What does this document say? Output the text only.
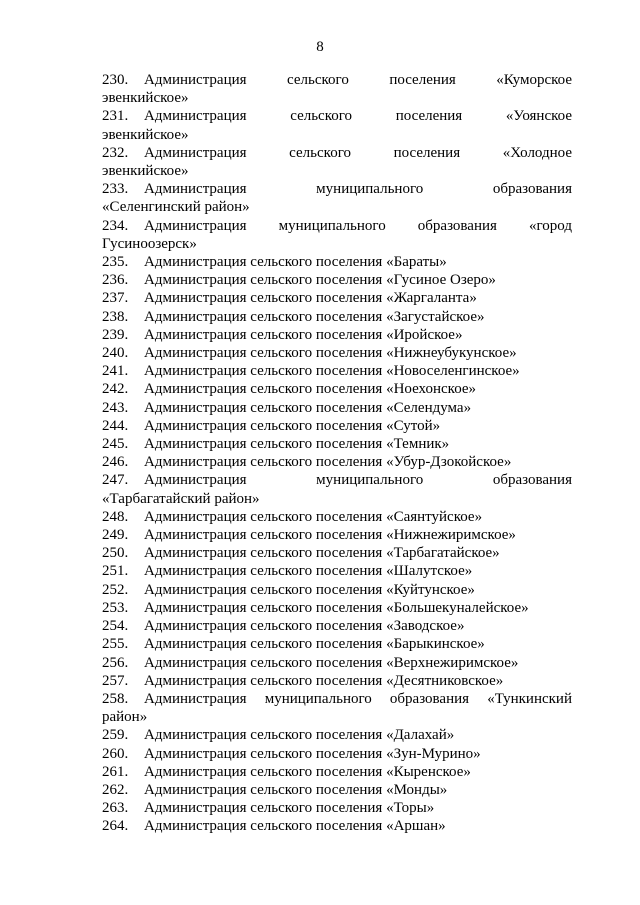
8
230. Администрация сельского поселения «Куморское
эвенкийское»
231. Администрация сельского поселения «Уоянское
эвенкийское»
232. Администрация сельского поселения «Холодное
эвенкийское»
233. Администрация муниципального образования
«Селенгинский район»
234. Администрация муниципального образования «город
Гусиноозерск»
235. Администрация сельского поселения «Бараты»
236. Администрация сельского поселения «Гусиное Озеро»
237. Администрация сельского поселения «Жаргаланта»
238. Администрация сельского поселения «Загустайское»
239. Администрация сельского поселения «Иройское»
240. Администрация сельского поселения «Нижнеубукунское»
241. Администрация сельского поселения «Новоселенгинское»
242. Администрация сельского поселения «Ноехонское»
243. Администрация сельского поселения «Селендума»
244. Администрация сельского поселения «Сутой»
245. Администрация сельского поселения «Темник»
246. Администрация сельского поселения «Убур-Дзокойское»
247. Администрация муниципального образования
«Тарбагатайский район»
248. Администрация сельского поселения «Саянтуйское»
249. Администрация сельского поселения «Нижнежиримское»
250. Администрация сельского поселения «Тарбагатайское»
251. Администрация сельского поселения «Шалутское»
252. Администрация сельского поселения «Куйтунское»
253. Администрация сельского поселения «Большекуналейское»
254. Администрация сельского поселения «Заводское»
255. Администрация сельского поселения «Барыкинское»
256. Администрация сельского поселения «Верхнежиримское»
257. Администрация сельского поселения «Десятниковское»
258. Администрация муниципального образования «Тункинский
район»
259. Администрация сельского поселения «Далахай»
260. Администрация сельского поселения «Зун-Мурино»
261. Администрация сельского поселения «Кыренское»
262. Администрация сельского поселения «Монды»
263. Администрация сельского поселения «Торы»
264. Администрация сельского поселения «Аршан»
